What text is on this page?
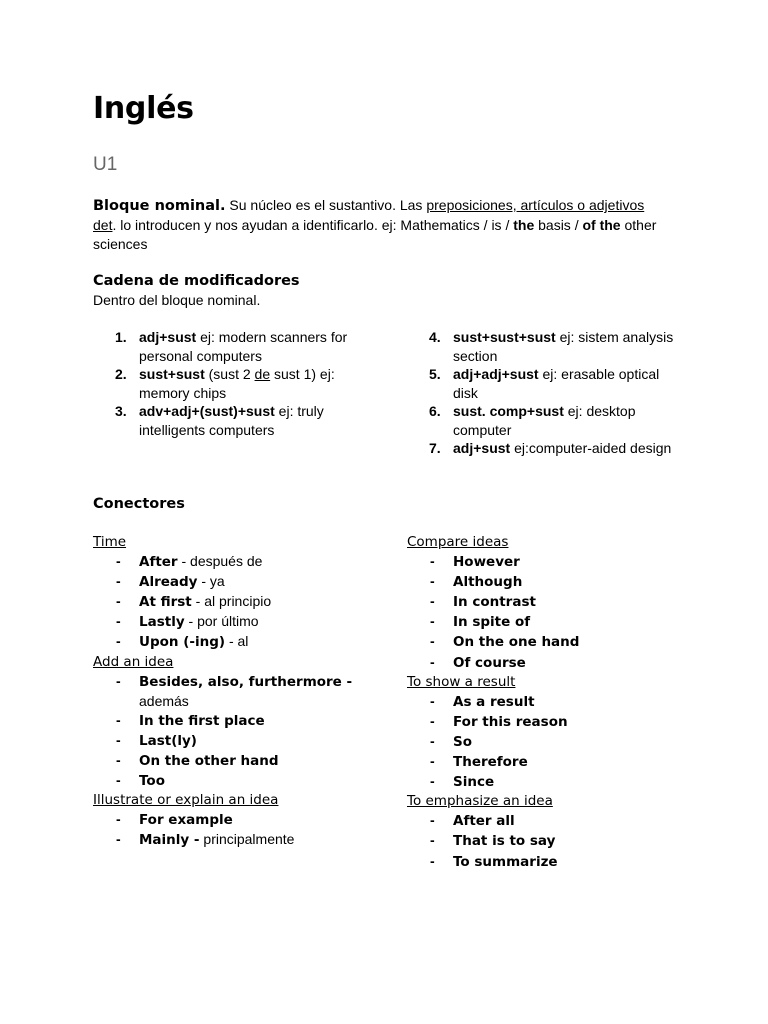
Inglés

U1

Bloque nominal. Su núcleo es el sustantivo. Las preposiciones, artículos o adjetivos det. lo introducen y nos ayudan a identificarlo. ej: Mathematics / is / the basis / of the other sciences

Cadena de modificadores

Dentro del bloque nominal.

1. adj+sust ej: modern scanners for personal computers
2. sust+sust (sust 2 de sust 1) ej: memory chips
3. adv+adj+(sust)+sust ej: truly intelligents computers
4. sust+sust+sust ej: sistem analysis section
5. adj+adj+sust ej: erasable optical disk
6. sust. comp+sust ej: desktop computer
7. adj+sust ej:computer-aided design
Conectores
Time
- After - después de
- Already - ya
- At first - al principio
- Lastly - por último
- Upon (-ing) - al
Add an idea
- Besides, also, furthermore - además
- In the first place
- Last(ly)
- On the other hand
- Too
Illustrate or explain an idea
- For example
- Mainly - principalmente
Compare ideas
- However
- Although
- In contrast
- In spite of
- On the one hand
- Of course
To show a result
- As a result
- For this reason
- So
- Therefore
- Since
To emphasize an idea
- After all
- That is to say
- To summarize
